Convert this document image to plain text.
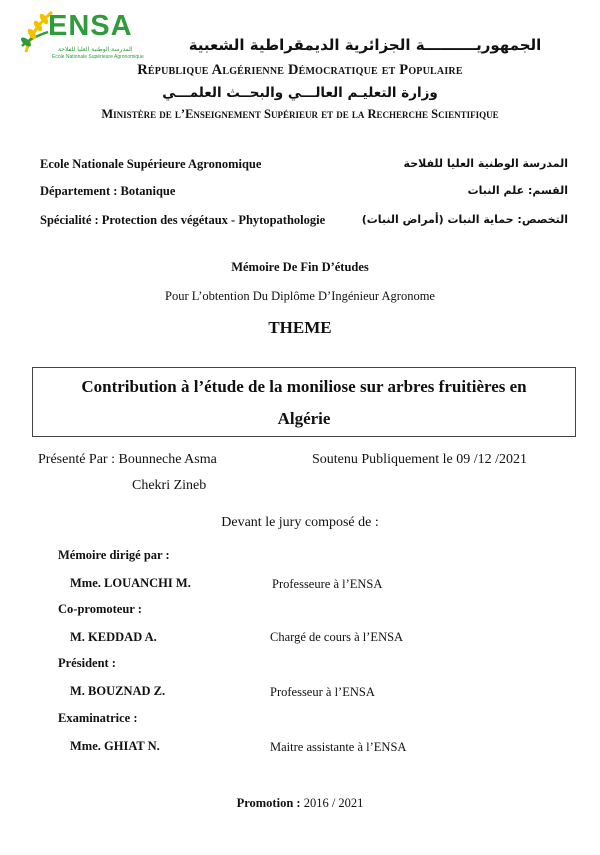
ENSA
المدرسة الوطنية العليا للفلاحة
Ecole Nationale Supérieure Agronomique
الجمهوريــــــــــة الجزائرية الديمقراطية الشعبية
République Algérienne Démocratique et Populaire
وزارة التعليـم العالـــي والبحــث العلمـــي
Ministère de l’Enseignement Supérieur et de la Recherche Scientifique
Ecole Nationale Supérieure Agronomique	المدرسة الوطنية العليا للفلاحة
Département : Botanique	القسم: علم النبات
Spécialité : Protection des végétaux - Phytopathologie	التخصص: حماية النبات (أمراض النبات)
Mémoire De Fin D’études
Pour L’obtention Du Diplôme D’Ingénieur Agronome
THEME
Contribution à l’étude de la moniliose sur arbres fruitières en
Algérie
Présenté Par : Bounneche Asma
Chekri Zineb
Soutenu Publiquement le 09 /12 /2021
Devant le jury composé de :
Mémoire dirigé par :
Mme. LOUANCHI M.	Professeure à l’ENSA
Co-promoteur :
M. KEDDAD A.	Chargé de cours à l’ENSA
Président :
M. BOUZNAD Z.	Professeur à l’ENSA
Examinatrice :
Mme. GHIAT N.	Maitre assistante à l’ENSA
Promotion : 2016 / 2021
